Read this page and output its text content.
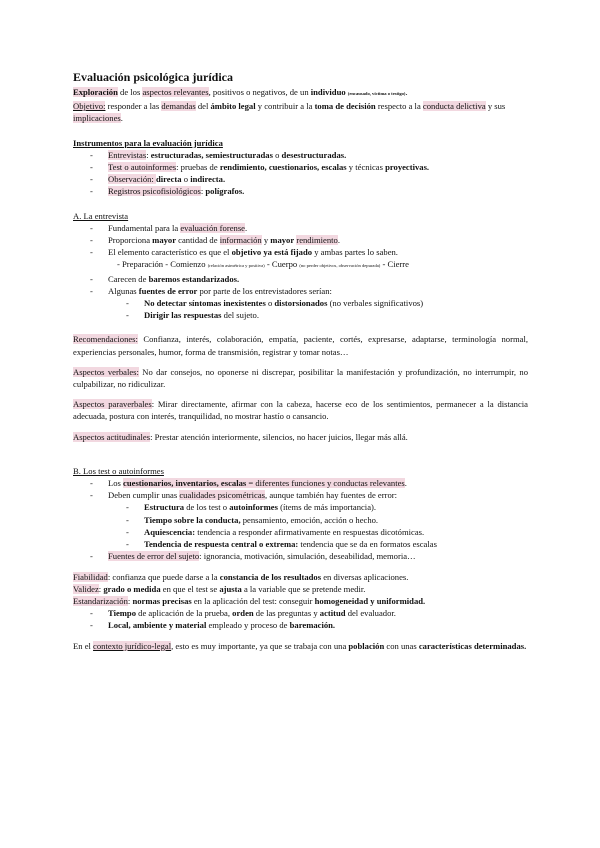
Evaluación psicológica jurídica

Exploración de los aspectos relevantes, positivos o negativos, de un individuo (encausado, víctima o testigo).

Objetivo: responder a las demandas del ámbito legal y contribuir a la toma de decisión respecto a la conducta delictiva y sus implicaciones.

Instrumentos para la evaluación jurídica

- Entrevistas: estructuradas, semiestructuradas o desestructuradas.
- Test o autoinformes: pruebas de rendimiento, cuestionarios, escalas y técnicas proyectivas.
- Observación: directa o indirecta.
- Registros psicofisiológicos: polígrafos.

A. La entrevista

- Fundamental para la evaluación forense.
- Proporciona mayor cantidad de información y mayor rendimiento.
- El elemento característico es que el objetivo ya está fijado y ambas partes lo saben.

- Preparación - Comienzo (relación asimétrica y positiva) - Cuerpo (no perder objetivos, observación depurada) - Cierre

- Carecen de baremos estandarizados.
- Algunas fuentes de error por parte de los entrevistadores serían:
- No detectar síntomas inexistentes o distorsionados (no verbales significativos)
- Dirigir las respuestas del sujeto.

Recomendaciones: Confianza, interés, colaboración, empatía, paciente, cortés, expresarse, adaptarse, terminología normal, experiencias personales, humor, forma de transmisión, registrar y tomar notas…

Aspectos verbales: No dar consejos, no oponerse ni discrepar, posibilitar la manifestación y profundización, no interrumpir, no culpabilizar, no ridiculizar.

Aspectos paraverbales: Mirar directamente, afirmar con la cabeza, hacerse eco de los sentimientos, permanecer a la distancia adecuada, postura con interés, tranquilidad, no mostrar hastío o cansancio.

Aspectos actitudinales: Prestar atención interiormente, silencios, no hacer juicios, llegar más allá.

B. Los test o autoinformes

- Los cuestionarios, inventarios, escalas = diferentes funciones y conductas relevantes.
- Deben cumplir unas cualidades psicométricas, aunque también hay fuentes de error:
- Estructura de los test o autoinformes (ítems de más importancia).
- Tiempo sobre la conducta, pensamiento, emoción, acción o hecho.
- Aquiescencia: tendencia a responder afirmativamente en respuestas dicotómicas.
- Tendencia de respuesta central o extrema: tendencia que se da en formatos escalas
- Fuentes de error del sujeto: ignorancia, motivación, simulación, deseabilidad, memoria…

Fiabilidad: confianza que puede darse a la constancia de los resultados en diversas aplicaciones.

Validez: grado o medida en que el test se ajusta a la variable que se pretende medir.

Estandarización: normas precisas en la aplicación del test: conseguir homogeneidad y uniformidad.

- Tiempo de aplicación de la prueba, orden de las preguntas y actitud del evaluador.
- Local, ambiente y material empleado y proceso de baremación.

En el contexto jurídico-legal, esto es muy importante, ya que se trabaja con una población con unas características determinadas.
